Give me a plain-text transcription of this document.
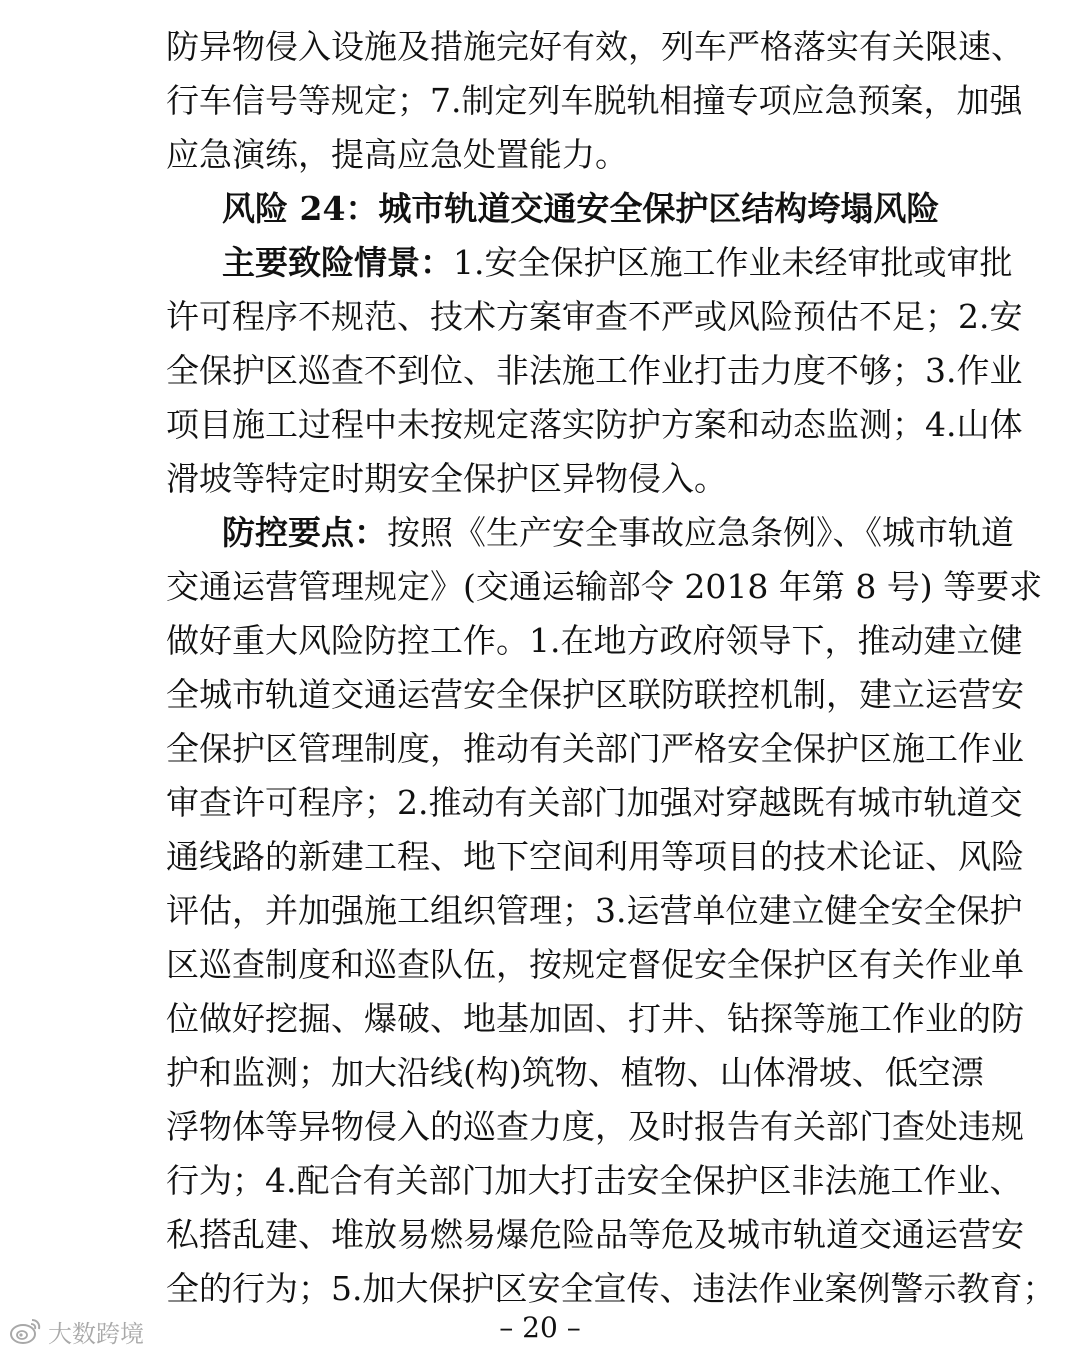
防异物侵入设施及措施完好有效，列车严格落实有关限速、
行车信号等规定；7.制定列车脱轨相撞专项应急预案，加强
应急演练，提高应急处置能力。
风险 24：城市轨道交通安全保护区结构垮塌风险
主要致险情景：1.安全保护区施工作业未经审批或审批
许可程序不规范、技术方案审查不严或风险预估不足；2.安
全保护区巡查不到位、非法施工作业打击力度不够；3.作业
项目施工过程中未按规定落实防护方案和动态监测；4.山体
滑坡等特定时期安全保护区异物侵入。
防控要点：按照《生产安全事故应急条例》、《城市轨道
交通运营管理规定》(交通运输部令 2018 年第 8 号) 等要求
做好重大风险防控工作。1.在地方政府领导下，推动建立健
全城市轨道交通运营安全保护区联防联控机制，建立运营安
全保护区管理制度，推动有关部门严格安全保护区施工作业
审查许可程序；2.推动有关部门加强对穿越既有城市轨道交
通线路的新建工程、地下空间利用等项目的技术论证、风险
评估，并加强施工组织管理；3.运营单位建立健全安全保护
区巡查制度和巡查队伍，按规定督促安全保护区有关作业单
位做好挖掘、爆破、地基加固、打井、钻探等施工作业的防
护和监测；加大沿线(构)筑物、植物、山体滑坡、低空漂
浮物体等异物侵入的巡查力度，及时报告有关部门查处违规
行为；4.配合有关部门加大打击安全保护区非法施工作业、
私搭乱建、堆放易燃易爆危险品等危及城市轨道交通运营安
全的行为；5.加大保护区安全宣传、违法作业案例警示教育；
– 20 –
大数跨境
